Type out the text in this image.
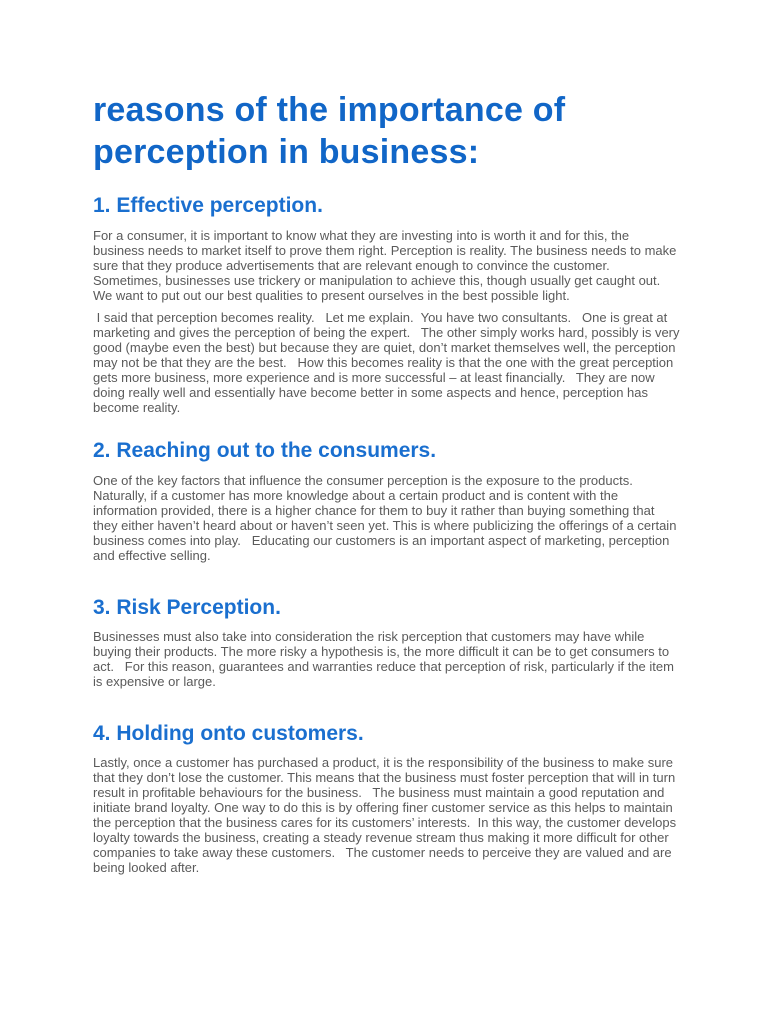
reasons of the importance of perception in business:
1. Effective perception.

For a consumer, it is important to know what they are investing into is worth it and for this, the business needs to market itself to prove them right. Perception is reality. The business needs to make sure that they produce advertisements that are relevant enough to convince the customer. Sometimes, businesses use trickery or manipulation to achieve this, though usually get caught out.  We want to put out our best qualities to present ourselves in the best possible light.

I said that perception becomes reality.   Let me explain.  You have two consultants.   One is great at marketing and gives the perception of being the expert.   The other simply works hard, possibly is very good (maybe even the best) but because they are quiet, don’t market themselves well, the perception may not be that they are the best.   How this becomes reality is that the one with the great perception gets more business, more experience and is more successful – at least financially.   They are now doing really well and essentially have become better in some aspects and hence, perception has become reality.

2. Reaching out to the consumers.

One of the key factors that influence the consumer perception is the exposure to the products. Naturally, if a customer has more knowledge about a certain product and is content with the information provided, there is a higher chance for them to buy it rather than buying something that they either haven’t heard about or haven’t seen yet. This is where publicizing the offerings of a certain business comes into play.   Educating our customers is an important aspect of marketing, perception and effective selling.

3. Risk Perception.

Businesses must also take into consideration the risk perception that customers may have while buying their products. The more risky a hypothesis is, the more difficult it can be to get consumers to act.   For this reason, guarantees and warranties reduce that perception of risk, particularly if the item is expensive or large.

4. Holding onto customers.

Lastly, once a customer has purchased a product, it is the responsibility of the business to make sure that they don’t lose the customer. This means that the business must foster perception that will in turn result in profitable behaviours for the business.   The business must maintain a good reputation and initiate brand loyalty. One way to do this is by offering finer customer service as this helps to maintain the perception that the business cares for its customers’ interests.  In this way, the customer develops loyalty towards the business, creating a steady revenue stream thus making it more difficult for other companies to take away these customers.   The customer needs to perceive they are valued and are being looked after.
